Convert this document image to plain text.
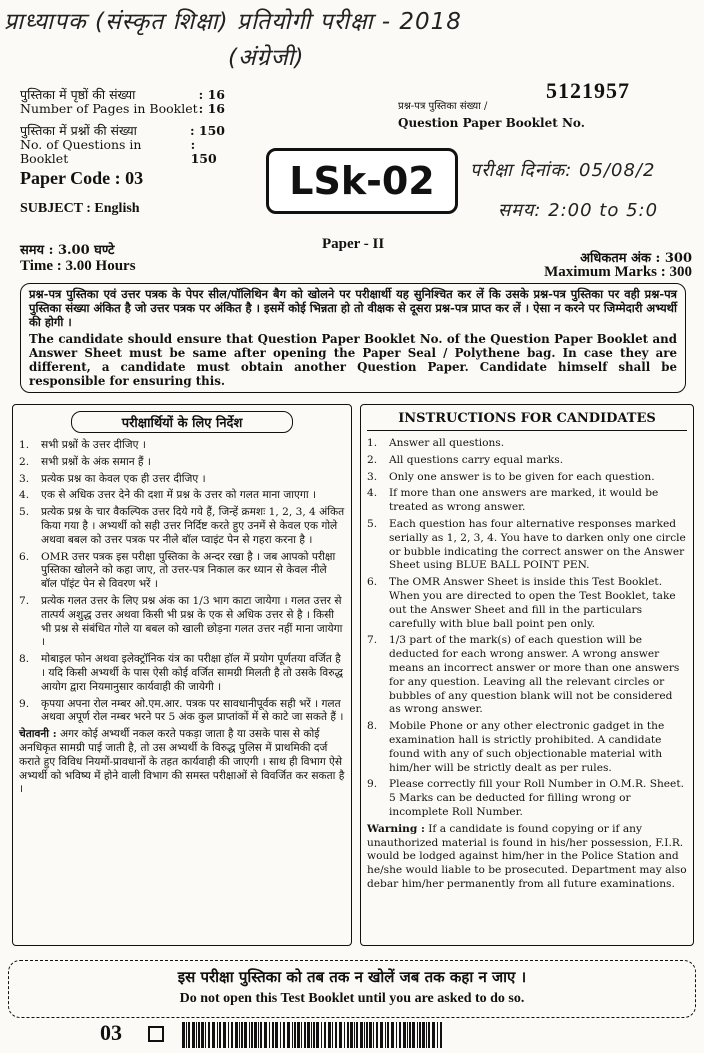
प्राध्यापक (संस्कृत शिक्षा) प्रतियोगी परीक्षा - 2018
(अंग्रेजी)
पुस्तिका में पृष्ठों की संख्या	: 16
Number of Pages in Booklet : 16
पुस्तिका में प्रश्नों की संख्या	: 150
No. of Questions in Booklet
: 150
5121957
प्रश्न-पत्र पुस्तिका संख्या /
Question Paper Booklet No.
Paper Code : 03
SUBJECT : English
LSk-02 परीक्षा दिनांक: 05/08/2
समय: 2:00 to 5:0
Paper - II
समय : 3.00 घण्टे
Time : 3.00 Hours	अधिकतम अंक : 300
Maximum Marks : 300

प्रश्न-पत्र पुस्तिका एवं उत्तर पत्रक के पेपर सील/पॉलिथिन बैग को खोलने पर परीक्षार्थी यह सुनिश्चित कर लें कि उसके प्रश्न-पत्र पुस्तिका पर वही प्रश्न-पत्र पुस्तिका संख्या अंकित है जो उत्तर पत्रक पर अंकित है । इसमें कोई भिन्नता हो तो वीक्षक से दूसरा प्रश्न-पत्र प्राप्त कर लें । ऐसा न करने पर जिम्मेदारी अभ्यर्थी की होगी ।

The candidate should ensure that Question Paper Booklet No. of the Question Paper Booklet and Answer Sheet must be same after opening the Paper Seal / Polythene bag. In case they are different, a candidate must obtain another Question Paper. Candidate himself shall be responsible for ensuring this.

परीक्षार्थियों के लिए निर्देश
1. सभी प्रश्नों के उत्तर दीजिए ।
2. सभी प्रश्नों के अंक समान हैं ।
3. प्रत्येक प्रश्न का केवल एक ही उत्तर दीजिए ।
4. एक से अधिक उत्तर देने की दशा में प्रश्न के उत्तर को गलत माना जाएगा ।
5. प्रत्येक प्रश्न के चार वैकल्पिक उत्तर दिये गये हैं, जिन्हें क्रमशः 1, 2, 3, 4 अंकित किया गया है । अभ्यर्थी को सही उत्तर निर्दिष्ट करते हुए उनमें से केवल एक गोले अथवा बबल को उत्तर पत्रक पर नीले बॉल प्वाइंट पेन से गहरा करना है ।
6. OMR उत्तर पत्रक इस परीक्षा पुस्तिका के अन्दर रखा है । जब आपको परीक्षा पुस्तिका खोलने को कहा जाए, तो उत्तर-पत्र निकाल कर ध्यान से केवल नीले बॉल पॉइंट पेन से विवरण भरें ।
7. प्रत्येक गलत उत्तर के लिए प्रश्न अंक का 1/3 भाग काटा जायेगा । गलत उत्तर से तात्पर्य अशुद्ध उत्तर अथवा किसी भी प्रश्न के एक से अधिक उत्तर से है । किसी भी प्रश्न से संबंधित गोले या बबल को खाली छोड़ना गलत उत्तर नहीं माना जायेगा ।
8. मोबाइल फोन अथवा इलेक्ट्रॉनिक यंत्र का परीक्षा हॉल में प्रयोग पूर्णतया वर्जित है । यदि किसी अभ्यर्थी के पास ऐसी कोई वर्जित सामग्री मिलती है तो उसके विरुद्ध आयोग द्वारा नियमानुसार कार्यवाही की जायेगी ।
9. कृपया अपना रोल नम्बर ओ.एम.आर. पत्रक पर सावधानीपूर्वक सही भरें । गलत अथवा अपूर्ण रोल नम्बर भरने पर 5 अंक कुल प्राप्तांकों में से काटे जा सकते हैं ।
चेतावनी : अगर कोई अभ्यर्थी नकल करते पकड़ा जाता है या उसके पास से कोई अनधिकृत सामग्री पाई जाती है, तो उस अभ्यर्थी के विरुद्ध पुलिस में प्राथमिकी दर्ज कराते हुए विविध नियमों-प्रावधानों के तहत कार्यवाही की जाएगी । साथ ही विभाग ऐसे अभ्यर्थी को भविष्य में होने वाली विभाग की समस्त परीक्षाओं से विवर्जित कर सकता है ।
INSTRUCTIONS FOR CANDIDATES
1. Answer all questions.
2. All questions carry equal marks.
3. Only one answer is to be given for each question.
4. If more than one answers are marked, it would be treated as wrong answer.
5. Each question has four alternative responses marked serially as 1, 2, 3, 4. You have to darken only one circle or bubble indicating the correct answer on the Answer Sheet using BLUE BALL POINT PEN.
6. The OMR Answer Sheet is inside this Test Booklet. When you are directed to open the Test Booklet, take out the Answer Sheet and fill in the particulars carefully with blue ball point pen only.
7. 1/3 part of the mark(s) of each question will be deducted for each wrong answer. A wrong answer means an incorrect answer or more than one answers for any question. Leaving all the relevant circles or bubbles of any question blank will not be considered as wrong answer.
8. Mobile Phone or any other electronic gadget in the examination hall is strictly prohibited. A candidate found with any of such objectionable material with him/her will be strictly dealt as per rules.
9. Please correctly fill your Roll Number in O.M.R. Sheet. 5 Marks can be deducted for filling wrong or incomplete Roll Number.
Warning : If a candidate is found copying or if any unauthorized material is found in his/her possession, F.I.R. would be lodged against him/her in the Police Station and he/she would liable to be prosecuted. Department may also debar him/her permanently from all future examinations.
इस परीक्षा पुस्तिका को तब तक न खोलें जब तक कहा न जाए ।
Do not open this Test Booklet until you are asked to do so.
03
